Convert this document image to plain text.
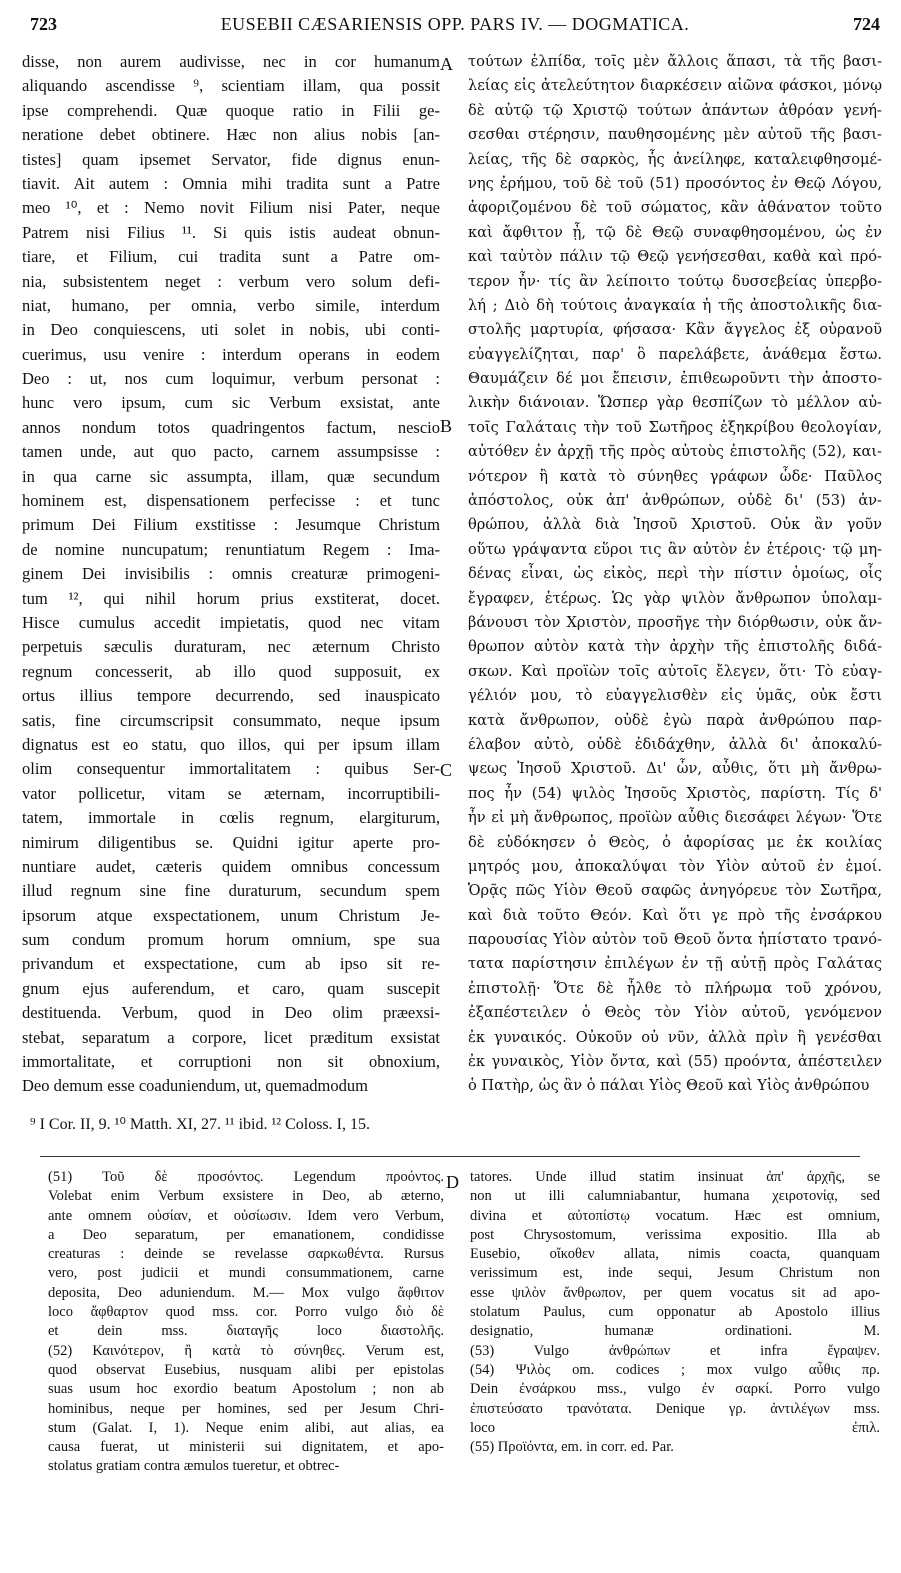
723	EUSEBII CÆSARIENSIS OPP. PARS IV. — DOGMATICA.	724
disse, non aurem audivisse, nec in cor humanum
aliquando ascendisse ⁹, scientiam illam, qua possit
ipse comprehendi. Quæ quoque ratio in Filii ge-
neratione debet obtinere. Hæc non alius nobis [an-
tistes] quam ipsemet Servator, fide dignus enun-
tiavit. Ait autem : Omnia mihi tradita sunt a Patre
meo ¹⁰, et : Nemo novit Filium nisi Pater, neque
Patrem nisi Filius ¹¹. Si quis istis audeat obnun-
tiare, et Filium, cui tradita sunt a Patre om-
nia, subsistentem neget : verbum vero solum defi-
niat, humano, per omnia, verbo simile, interdum
in Deo conquiescens, uti solet in nobis, ubi conti-
cuerimus, usu venire : interdum operans in eodem
Deo : ut, nos cum loquimur, verbum personat :
hunc vero ipsum, cum sic Verbum exsistat, ante
annos nondum totos quadringentos factum, nescio
tamen unde, aut quo pacto, carnem assumpsisse :
in qua carne sic assumpta, illam, quæ secundum
hominem est, dispensationem perfecisse : et tunc
primum Dei Filium exstitisse : Jesumque Christum
de nomine nuncupatum; renuntiatum Regem : Ima-
ginem Dei invisibilis : omnis creaturæ primogeni-
tum ¹², qui nihil horum prius exstiterat, docet.
Hisce cumulus accedit impietatis, quod nec vitam
perpetuis sæculis duraturam, nec æternum Christo
regnum concesserit, ab illo quod supposuit, ex
ortus illius tempore decurrendo, sed inauspicato
satis, fine circumscripsit consummato, neque ipsum
dignatus est eo statu, quo illos, qui per ipsum illam
olim consequentur immortalitatem : quibus Ser-
vator pollicetur, vitam se æternam, incorruptibili-
tatem, immortale in cœlis regnum, elargiturum,
nimirum diligentibus se. Quidni igitur aperte pro-
nuntiare audet, cæteris quidem omnibus concessum
illud regnum sine fine duraturum, secundum spem
ipsorum atque exspectationem, unum Christum Je-
sum condum promum horum omnium, spe sua
privandum et exspectatione, cum ab ipso sit re-
gnum ejus auferendum, et caro, quam suscepit
destituenda. Verbum, quod in Deo olim præexsi-
stebat, separatum a corpore, licet præditum exsistat
immortalitate, et corruptioni non sit obnoxium,
Deo demum esse coaduniendum, ut, quemadmodum
τούτων ἐλπίδα, τοῖς μὲν ἄλλοις ἅπασι, τὰ τῆς βασι-
λείας εἰς ἀτελεύτητον διαρκέσειν αἰῶνα φάσκοι, μόνῳ
δὲ αὐτῷ τῷ Χριστῷ τούτων ἁπάντων ἀθρόαν γενή-
σεσθαι στέρησιν, παυθησομένης μὲν αὐτοῦ τῆς βασι-
λείας, τῆς δὲ σαρκὸς, ἧς ἀνείληφε, καταλειφθησομέ-
νης ἐρήμου, τοῦ δὲ τοῦ (51) προσόντος ἐν Θεῷ Λόγου,
ἀφοριζομένου δὲ τοῦ σώματος, κἂν ἀθάνατον τοῦτο
καὶ ἄφθιτον ᾖ, τῷ δὲ Θεῷ συναφθησομένου, ὡς ἐν
καὶ ταὐτὸν πάλιν τῷ Θεῷ γενήσεσθαι, καθὰ καὶ πρό-
τερον ἦν· τίς ἂν λείποιτο τούτῳ δυσσεβείας ὑπερβο-
λή ; Διὸ δὴ τούτοις ἀναγκαία ἡ τῆς ἀποστολικῆς δια-
στολῆς μαρτυρία, φήσασα· Κἂν ἄγγελος ἐξ οὐρανοῦ
εὐαγγελίζηται, παρ' ὃ παρελάβετε, ἀνάθεμα ἔστω.
Θαυμάζειν δέ μοι ἔπεισιν, ἐπιθεωροῦντι τὴν ἀποστο-
λικὴν διάνοιαν. Ὥσπερ γὰρ θεσπίζων τὸ μέλλον αὐ-
τοῖς Γαλάταις τὴν τοῦ Σωτῆρος ἐξηκρίβου θεολογίαν,
αὐτόθεν ἐν ἀρχῇ τῆς πρὸς αὐτοὺς ἐπιστολῆς (52), και-
νότερον ἢ κατὰ τὸ σύνηθες γράφων ὧδε· Παῦλος
ἀπόστολος, οὐκ ἀπ' ἀνθρώπων, οὐδὲ δι' (53) ἀν-
θρώπου, ἀλλὰ διὰ Ἰησοῦ Χριστοῦ. Οὐκ ἂν γοῦν
οὕτω γράψαντα εὕροι τις ἂν αὐτὸν ἐν ἑτέροις· τῷ μη-
δένας εἶναι, ὡς εἰκὸς, περὶ τὴν πίστιν ὁμοίως, οἷς
ἔγραφεν, ἑτέρως. Ὡς γὰρ ψιλὸν ἄνθρωπον ὑπολαμ-
βάνουσι τὸν Χριστὸν, προσῆγε τὴν διόρθωσιν, οὐκ ἄν-
θρωπον αὐτὸν κατὰ τὴν ἀρχὴν τῆς ἐπιστολῆς διδά-
σκων. Καὶ προϊὼν τοῖς αὐτοῖς ἔλεγεν, ὅτι· Τὸ εὐαγ-
γέλιόν μου, τὸ εὐαγγελισθὲν εἰς ὑμᾶς, οὐκ ἔστι
κατὰ ἄνθρωπον, οὐδὲ ἐγὼ παρὰ ἀνθρώπου παρ-
έλαβον αὐτὸ, οὐδὲ ἐδιδάχθην, ἀλλὰ δι' ἀποκαλύ-
ψεως Ἰησοῦ Χριστοῦ. Δι' ὧν, αὖθις, ὅτι μὴ ἄνθρω-
πος ἦν (54) ψιλὸς Ἰησοῦς Χριστὸς, παρίστη. Τίς δ'
ἦν εἰ μὴ ἄνθρωπος, προϊὼν αὖθις διεσάφει λέγων· Ὅτε
δὲ εὐδόκησεν ὁ Θεὸς, ὁ ἀφορίσας με ἐκ κοιλίας
μητρός μου, ἀποκαλύψαι τὸν Υἱὸν αὐτοῦ ἐν ἐμοί.
Ὁρᾷς πῶς Υἱὸν Θεοῦ σαφῶς ἀνηγόρευε τὸν Σωτῆρα,
καὶ διὰ τοῦτο Θεόν. Καὶ ὅτι γε πρὸ τῆς ἐνσάρκου
παρουσίας Υἱὸν αὐτὸν τοῦ Θεοῦ ὄντα ἠπίστατο τρανό-
τατα παρίστησιν ἐπιλέγων ἐν τῇ αὐτῇ πρὸς Γαλάτας
ἐπιστολῇ· Ὅτε δὲ ἦλθε τὸ πλήρωμα τοῦ χρόνου,
ἐξαπέστειλεν ὁ Θεὸς τὸν Υἱὸν αὐτοῦ, γενόμενον
ἐκ γυναικός. Οὐκοῦν οὐ νῦν, ἀλλὰ πρὶν ἢ γενέσθαι
ἐκ γυναικὸς, Υἱὸν ὄντα, καὶ (55) προόντα, ἀπέστειλεν
ὁ Πατὴρ, ὡς ἂν ὁ πάλαι Υἱὸς Θεοῦ καὶ Υἱὸς ἀνθρώπου
A
B
C
D
⁹ I Cor. II, 9. ¹⁰ Matth. XI, 27. ¹¹ ibid. ¹² Coloss. I, 15.
(51) Τοῦ δὲ προσόντος. Legendum προόντος.
Volebat enim Verbum exsistere in Deo, ab æterno,
ante omnem οὐσίαν, et οὐσίωσιν. Idem vero Verbum,
a Deo separatum, per emanationem, condidisse
creaturas : deinde se revelasse σαρκωθέντα. Rursus
vero, post judicii et mundi consummationem, carne
deposita, Deo aduniendum. M.— Mox vulgo ἄφθιτον
loco ἄφθαρτον quod mss. cor. Porro vulgo διὸ δὲ
et dein mss. διαταγῆς loco διαστολῆς.
(52) Καινότερον, ἢ κατὰ τὸ σύνηθες. Verum est,
quod observat Eusebius, nusquam alibi per epistolas
suas usum hoc exordio beatum Apostolum ; non ab
hominibus, neque per homines, sed per Jesum Chri-
stum (Galat. I, 1). Neque enim alibi, aut alias, ea
causa fuerat, ut ministerii sui dignitatem, et apo-
stolatus gratiam contra æmulos tueretur, et obtrec-
tatores. Unde illud statim insinuat ἀπ' ἀρχῆς, se
non ut illi calumniabantur, humana χειροτονίᾳ, sed
divina et αὐτοπίστῳ vocatum. Hæc est omnium,
post Chrysostomum, verissima expositio. Illa ab
Eusebio, οἴκοθεν allata, nimis coacta, quanquam
verissimum est, inde sequi, Jesum Christum non
esse ψιλὸν ἄνθρωπον, per quem vocatus sit ad apo-
stolatum Paulus, cum opponatur ab Apostolo illius
designatio, humanæ ordinationi. M.
(53) Vulgo ἀνθρώπων et infra ἔγραψεν.
(54) Ψιλὸς om. codices ; mox vulgo αὖθις πρ.
Dein ἐνσάρκου mss., vulgo ἐν σαρκί. Porro vulgo
ἐπιστεύσατο τρανότατα. Denique γρ. ἀντιλέγων mss.
loco ἐπιλ.
(55) Προϊόντα, em. in corr. ed. Par.
